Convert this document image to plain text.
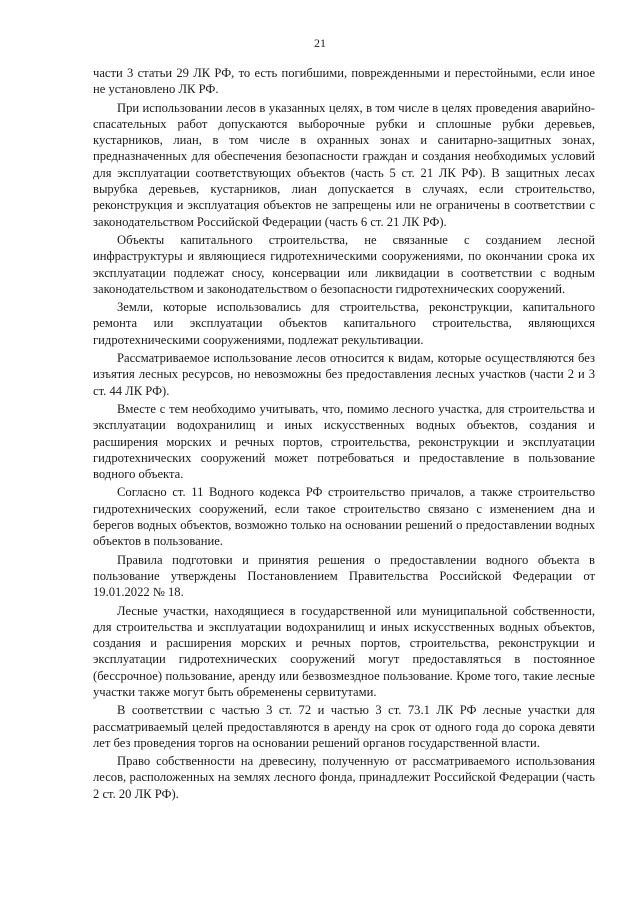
21

части 3 статьи 29 ЛК РФ, то есть погибшими, поврежденными и перестойными, если иное не установлено ЛК РФ.

При использовании лесов в указанных целях, в том числе в целях проведения аварийно-спасательных работ допускаются выборочные рубки и сплошные рубки деревьев, кустарников, лиан, в том числе в охранных зонах и санитарно-защитных зонах, предназначенных для обеспечения безопасности граждан и создания необходимых условий для эксплуатации соответствующих объектов (часть 5 ст. 21 ЛК РФ). В защитных лесах вырубка деревьев, кустарников, лиан допускается в случаях, если строительство, реконструкция и эксплуатация объектов не запрещены или не ограничены в соответствии с законодательством Российской Федерации (часть 6 ст. 21 ЛК РФ).

Объекты капитального строительства, не связанные с созданием лесной инфраструктуры и являющиеся гидротехническими сооружениями, по окончании срока их эксплуатации подлежат сносу, консервации или ликвидации в соответствии с водным законодательством и законодательством о безопасности гидротехнических сооружений.

Земли, которые использовались для строительства, реконструкции, капитального ремонта или эксплуатации объектов капитального строительства, являющихся гидротехническими сооружениями, подлежат рекультивации.

Рассматриваемое использование лесов относится к видам, которые осуществляются без изъятия лесных ресурсов, но невозможны без предоставления лесных участков (части 2 и 3 ст. 44 ЛК РФ).

Вместе с тем необходимо учитывать, что, помимо лесного участка, для строительства и эксплуатации водохранилищ и иных искусственных водных объектов, создания и расширения морских и речных портов, строительства, реконструкции и эксплуатации гидротехнических сооружений может потребоваться и предоставление в пользование водного объекта.

Согласно ст. 11 Водного кодекса РФ строительство причалов, а также строительство гидротехнических сооружений, если такое строительство связано с изменением дна и берегов водных объектов, возможно только на основании решений о предоставлении водных объектов в пользование.

Правила подготовки и принятия решения о предоставлении водного объекта в пользование утверждены Постановлением Правительства Российской Федерации от 19.01.2022 № 18.

Лесные участки, находящиеся в государственной или муниципальной собственности, для строительства и эксплуатации водохранилищ и иных искусственных водных объектов, создания и расширения морских и речных портов, строительства, реконструкции и эксплуатации гидротехнических сооружений могут предоставляться в постоянное (бессрочное) пользование, аренду или безвозмездное пользование. Кроме того, такие лесные участки также могут быть обременены сервитутами.

В соответствии с частью 3 ст. 72 и частью 3 ст. 73.1 ЛК РФ лесные участки для рассматриваемый целей предоставляются в аренду на срок от одного года до сорока девяти лет без проведения торгов на основании решений органов государственной власти.

Право собственности на древесину, полученную от рассматриваемого использования лесов, расположенных на землях лесного фонда, принадлежит Российской Федерации (часть 2 ст. 20 ЛК РФ).
